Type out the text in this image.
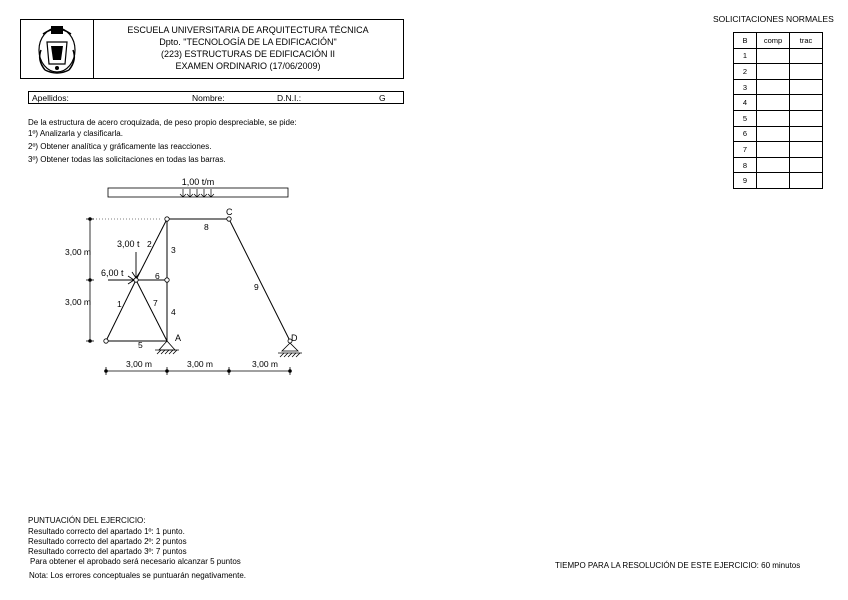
ESCUELA UNIVERSITARIA DE ARQUITECTURA TÉCNICA
Dpto. "TECNOLOGÍA DE LA EDIFICACIÓN"
(223) ESTRUCTURAS DE EDIFICACIÓN II
EXAMEN ORDINARIO (17/06/2009)
Apellidos:	Nombre:	D.N.I.:	G
De la estructura de acero croquizada, de peso propio despreciable, se pide:
1º) Analizarla y clasificarla.
2º) Obtener analítica y gráficamente las reacciones.
3º) Obtener todas las solicitaciones en todas las barras.
1,00 t/m
3,00 t
6,00 t
C
A	D
1
2
3
4
5
6
7
8
9
3,00 m
3,00 m
3,00 m	3,00 m	3,00 m
SOLICITACIONES NORMALES
B	comp	trac
1		
2		
3		
4		
5		
6		
7		
8		
9		
PUNTUACIÓN DEL EJERCICIO:
Resultado correcto del apartado 1º: 1 punto.
Resultado correcto del apartado 2º: 2 puntos
Resultado correcto del apartado 3º: 7 puntos
Para obtener el aprobado será necesario alcanzar 5 puntos
Nota: Los errores conceptuales se puntuarán negativamente.
TIEMPO PARA LA RESOLUCIÓN DE ESTE EJERCICIO: 60 minutos
